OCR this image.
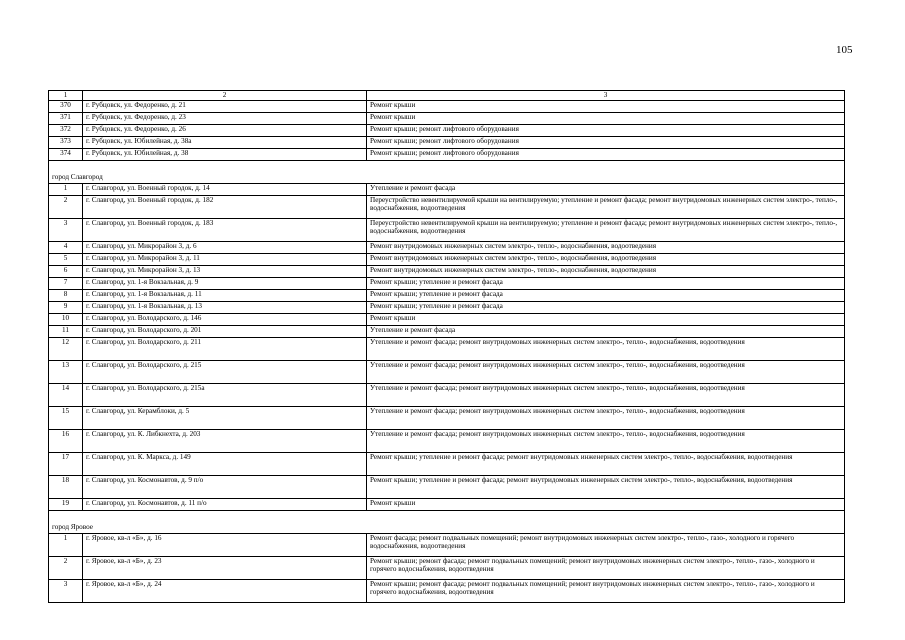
105
1	2	3
370	г. Рубцовск, ул. Федоренко, д. 21	Ремонт крыши
371	г. Рубцовск, ул. Федоренко, д. 23	Ремонт крыши
372	г. Рубцовск, ул. Федоренко, д. 26	Ремонт крыши; ремонт лифтового оборудования
373	г. Рубцовск, ул. Юбилейная, д. 38а	Ремонт крыши; ремонт лифтового оборудования
374	г. Рубцовск, ул. Юбилейная, д. 38	Ремонт крыши; ремонт лифтового оборудования

город Славгород		
1	г. Славгород, ул. Военный городок, д. 14	Утепление и ремонт фасада
2	г. Славгород, ул. Военный городок, д. 182	Переустройство невентилируемой крыши на вентилируемую; утепление и ремонт фасада; ремонт внутридомовых инженерных систем электро-, тепло-, водоснабжения, водоотведения
3	г. Славгород, ул. Военный городок, д. 183	Переустройство невентилируемой крыши на вентилируемую; утепление и ремонт фасада; ремонт внутридомовых инженерных систем электро-, тепло-, водоснабжения, водоотведения
4	г. Славгород, ул. Микрорайон 3, д. 6	Ремонт внутридомовых инженерных систем электро-, тепло-, водоснабжения, водоотведения
5	г. Славгород, ул. Микрорайон 3, д. 11	Ремонт внутридомовых инженерных систем электро-, тепло-, водоснабжения, водоотведения
6	г. Славгород, ул. Микрорайон 3, д. 13	Ремонт внутридомовых инженерных систем электро-, тепло-, водоснабжения, водоотведения
7	г. Славгород, ул. 1-я Вокзальная, д. 9	Ремонт крыши; утепление и ремонт фасада
8	г. Славгород, ул. 1-я Вокзальная, д. 11	Ремонт крыши; утепление и ремонт фасада
9	г. Славгород, ул. 1-я Вокзальная, д. 13	Ремонт крыши; утепление и ремонт фасада
10	г. Славгород, ул. Володарского, д. 146	Ремонт крыши
11	г. Славгород, ул. Володарского, д. 201	Утепление и ремонт фасада
12	г. Славгород, ул. Володарского, д. 211	Утепление и ремонт фасада; ремонт внутридомовых инженерных систем электро-, тепло-, водоснабжения, водоотведения
13	г. Славгород, ул. Володарского, д. 215	Утепление и ремонт фасада; ремонт внутридомовых инженерных систем электро-, тепло-, водоснабжения, водоотведения
14	г. Славгород, ул. Володарского, д. 215а	Утепление и ремонт фасада; ремонт внутридомовых инженерных систем электро-, тепло-, водоснабжения, водоотведения
15	г. Славгород, ул. Керамблоки, д. 5	Утепление и ремонт фасада; ремонт внутридомовых инженерных систем электро-, тепло-, водоснабжения, водоотведения
16	г. Славгород, ул. К. Либкнехта, д. 203	Утепление и ремонт фасада; ремонт внутридомовых инженерных систем электро-, тепло-, водоснабжения, водоотведения
17	г. Славгород, ул. К. Маркса, д. 149	Ремонт крыши; утепление и ремонт фасада; ремонт внутридомовых инженерных систем электро-, тепло-, водоснабжения, водоотведения
18	г. Славгород, ул. Космонавтов, д. 9 п/о	Ремонт крыши; утепление и ремонт фасада; ремонт внутридомовых инженерных систем электро-, тепло-, водоснабжения, водоотведения
19	г. Славгород, ул. Космонавтов, д. 11 п/о	Ремонт крыши

город Яровое		
1	г. Яровое, кв-л «Б», д. 16	Ремонт фасада; ремонт подвальных помещений; ремонт внутридомовых инженерных систем электро-, тепло-, газо-, холодного и горячего водоснабжения, водоотведения
2	г. Яровое, кв-л «Б», д. 23	Ремонт крыши; ремонт фасада; ремонт подвальных помещений; ремонт внутридомовых инженерных систем электро-, тепло-, газо-, холодного и горячего водоснабжения, водоотведения
3	г. Яровое, кв-л «Б», д. 24	Ремонт крыши; ремонт фасада; ремонт подвальных помещений; ремонт внутридомовых инженерных систем электро-, тепло-, газо-, холодного и горячего водоснабжения, водоотведения
